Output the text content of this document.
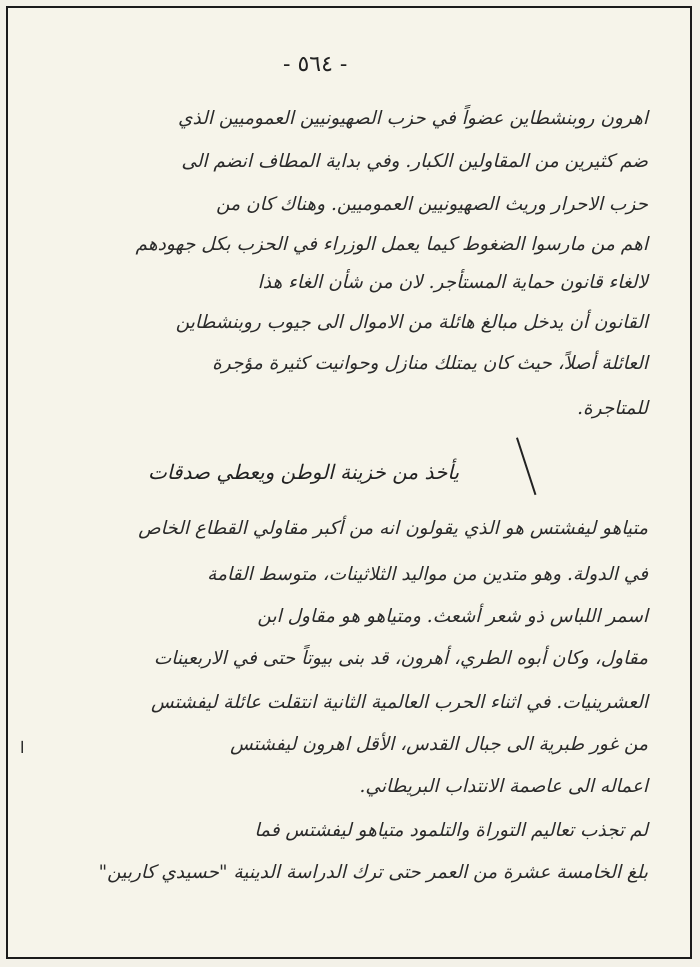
- ٥٦٤ -
اهرون روبنشطاين عضواً في حزب الصهيونيين العموميين الذي
ضم كثيرين من المقاولين الكبار. وفي بداية المطاف انضم الى
حزب الاحرار وريث الصهيونيين العموميين. وهناك كان من
اهم من مارسوا الضغوط كيما يعمل الوزراء في الحزب بكل جهودهم
لالغاء قانون حماية المستأجر. لان من شأن الغاء هذا
القانون أن يدخل مبالغ هائلة من الاموال الى جيوب روبنشطاين
العائلة أصلاً، حيث كان يمتلك منازل وحوانيت كثيرة مؤجرة
للمتاجرة.
يأخذ من خزينة الوطن ويعطي صدقات
متياهو ليفشتس هو الذي يقولون انه من أكبر مقاولي القطاع الخاص
في الدولة. وهو متدين من مواليد الثلاثينات، متوسط القامة
اسمر اللباس ذو شعر أشعث. ومتياهو هو مقاول ابن
مقاول، وكان أبوه الطري، أهرون، قد بنى بيوتاً حتى في الاربعينات
العشرينيات. في اثناء الحرب العالمية الثانية انتقلت عائلة ليفشتس
من غور طبرية الى جبال القدس، الأقل اهرون ليفشتس
اعماله الى عاصمة الانتداب البريطاني.
لم تجذب تعاليم التوراة والتلمود متياهو ليفشتس فما
بلغ الخامسة عشرة من العمر حتى ترك الدراسة الدينية "حسيدي كاربين"
ا
